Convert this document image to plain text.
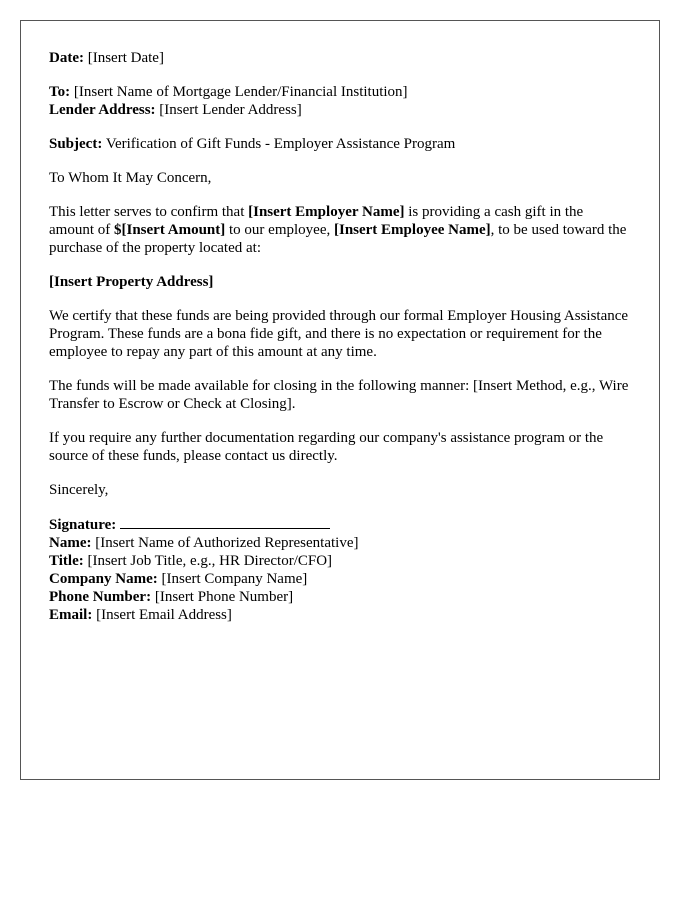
Date: [Insert Date]

To: [Insert Name of Mortgage Lender/Financial Institution]

Lender Address: [Insert Lender Address]

Subject: Verification of Gift Funds - Employer Assistance Program

To Whom It May Concern,

This letter serves to confirm that [Insert Employer Name] is providing a cash gift in the amount of $[Insert Amount] to our employee, [Insert Employee Name], to be used toward the purchase of the property located at:

[Insert Property Address]

We certify that these funds are being provided through our formal Employer Housing Assistance Program. These funds are a bona fide gift, and there is no expectation or requirement for the employee to repay any part of this amount at any time.

The funds will be made available for closing in the following manner: [Insert Method, e.g., Wire Transfer to Escrow or Check at Closing].

If you require any further documentation regarding our company's assistance program or the source of these funds, please contact us directly.

Sincerely,

Signature:

Name: [Insert Name of Authorized Representative]

Title: [Insert Job Title, e.g., HR Director/CFO]

Company Name: [Insert Company Name]

Phone Number: [Insert Phone Number]

Email: [Insert Email Address]
